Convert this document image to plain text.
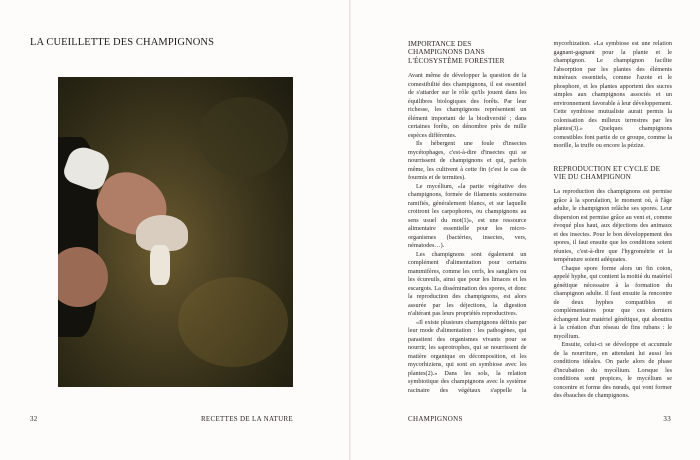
LA CUEILLETTE DES CHAMPIGNONS
32	RECETTES DE LA NATURE
IMPORTANCE DES CHAMPIGNONS DANS L'ÉCOSYSTÈME FORESTIER

Avant même de développer la question de la comestibilité des champignons, il est essentiel de s'attarder sur le rôle qu'ils jouent dans les équilibres biologiques des forêts. Par leur richesse, les champignons représentent un élément important de la biodiversité ; dans certaines forêts, on dénombre près de mille espèces différentes.

Ils hébergent une foule d'insectes mycétophages, c'est-à-dire d'insectes qui se nourrissent de champignons et qui, parfois même, les cultivent à cette fin (c'est le cas de fourmis et de termites).

Le mycélium, «la partie végétative des champignons, formée de filaments souterrains ramifiés, généralement blancs, et sur laquelle croitront les carpophores, ou champignons au sens usuel du mot(1)», est une ressource alimentaire essentielle pour les micro-organismes (bactéries, insectes, vers, nématodes…).

Les champignons sont également un complément d'alimentation pour certains mammifères, comme les cerfs, les sangliers ou les écureuils, ainsi que pour les limaces et les escargots. La dissémination des spores, et donc la reproduction des champignons, est alors assurée par les déjections, la digestion n'altérant pas leurs propriétés reproductives.

«Il existe plusieurs champignons définis par leur mode d'alimentation : les pathogènes, qui parasitent des organismes vivants pour se nourrir, les saprotrophes, qui se nourrissent de matière organique en décomposition, et les mycorhiziens, qui sont en symbiose avec les plantes(2).» Dans les sols, la relation symbiotique des champignons avec le système racinaire des végétaux s'appelle la mycorhization. «La symbiose est une relation gagnant-gagnant pour la plante et le champignon. Le champignon facilite l'absorption par les plantes des éléments minéraux essentiels, comme l'azote et le phosphore, et les plantes apportent des sucres simples aux champignons associés et un environnement favorable à leur développement. Cette symbiose mutualiste aurait permis la colonisation des milieux terrestres par les plantes(3).» Quelques champignons comestibles font partie de ce groupe, comme la morille, la truffe ou encore la pézize.

REPRODUCTION ET CYCLE DE VIE DU CHAMPIGNON

La reproduction des champignons est permise grâce à la sporulation, le moment où, à l'âge adulte, le champignon relâche ses spores. Leur dispersion est permise grâce au vent et, comme évoqué plus haut, aux déjections des animaux et des insectes. Pour le bon développement des spores, il faut ensuite que les conditions soient réunies, c'est-à-dire que l'hygrométrie et la température soient adéquates.

Chaque spore forme alors un fin coton, appelé hyphe, qui contient la moitié du matériel génétique nécessaire à la formation du champignon adulte. Il faut ensuite la rencontre de deux hyphes compatibles et complémentaires pour que ces derniers échangent leur matériel génétique, qui aboutira à la création d'un réseau de fins rubans : le mycélium.

Ensuite, celui-ci se développe et accumule de la nourriture, en attendant lui aussi les conditions idéales. On parle alors de phase d'incubation du mycélium. Lorsque les conditions sont propices, le mycélium se concentre et forme des nœuds, qui vont former des ébauches de champignons.

CHAMPIGNONS	33
